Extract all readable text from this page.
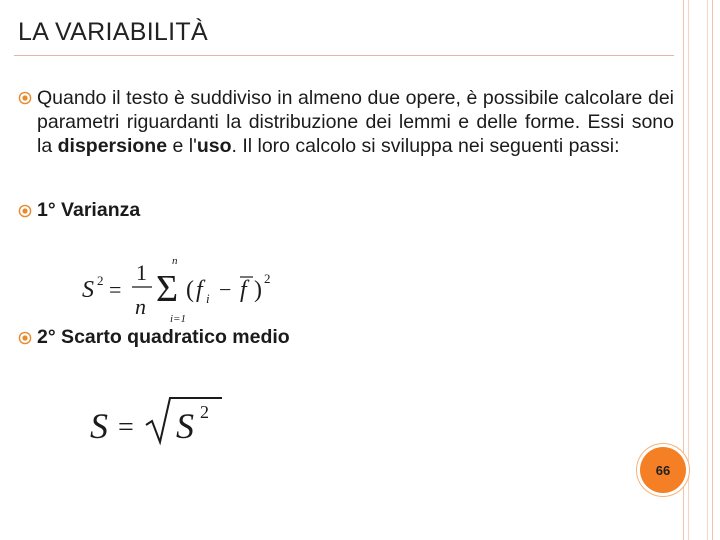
LA VARIABILITÀ
Quando il testo è suddiviso in almeno due opere, è possibile calcolare dei parametri riguardanti la distribuzione dei lemmi e delle forme. Essi sono la dispersione e l'uso. Il loro calcolo si sviluppa nei seguenti passi:
1° Varianza
S 2 =
1
n
n
Σ
i=1
( f i − f ) 2
2° Scarto quadratico medio
S = S 2
66
